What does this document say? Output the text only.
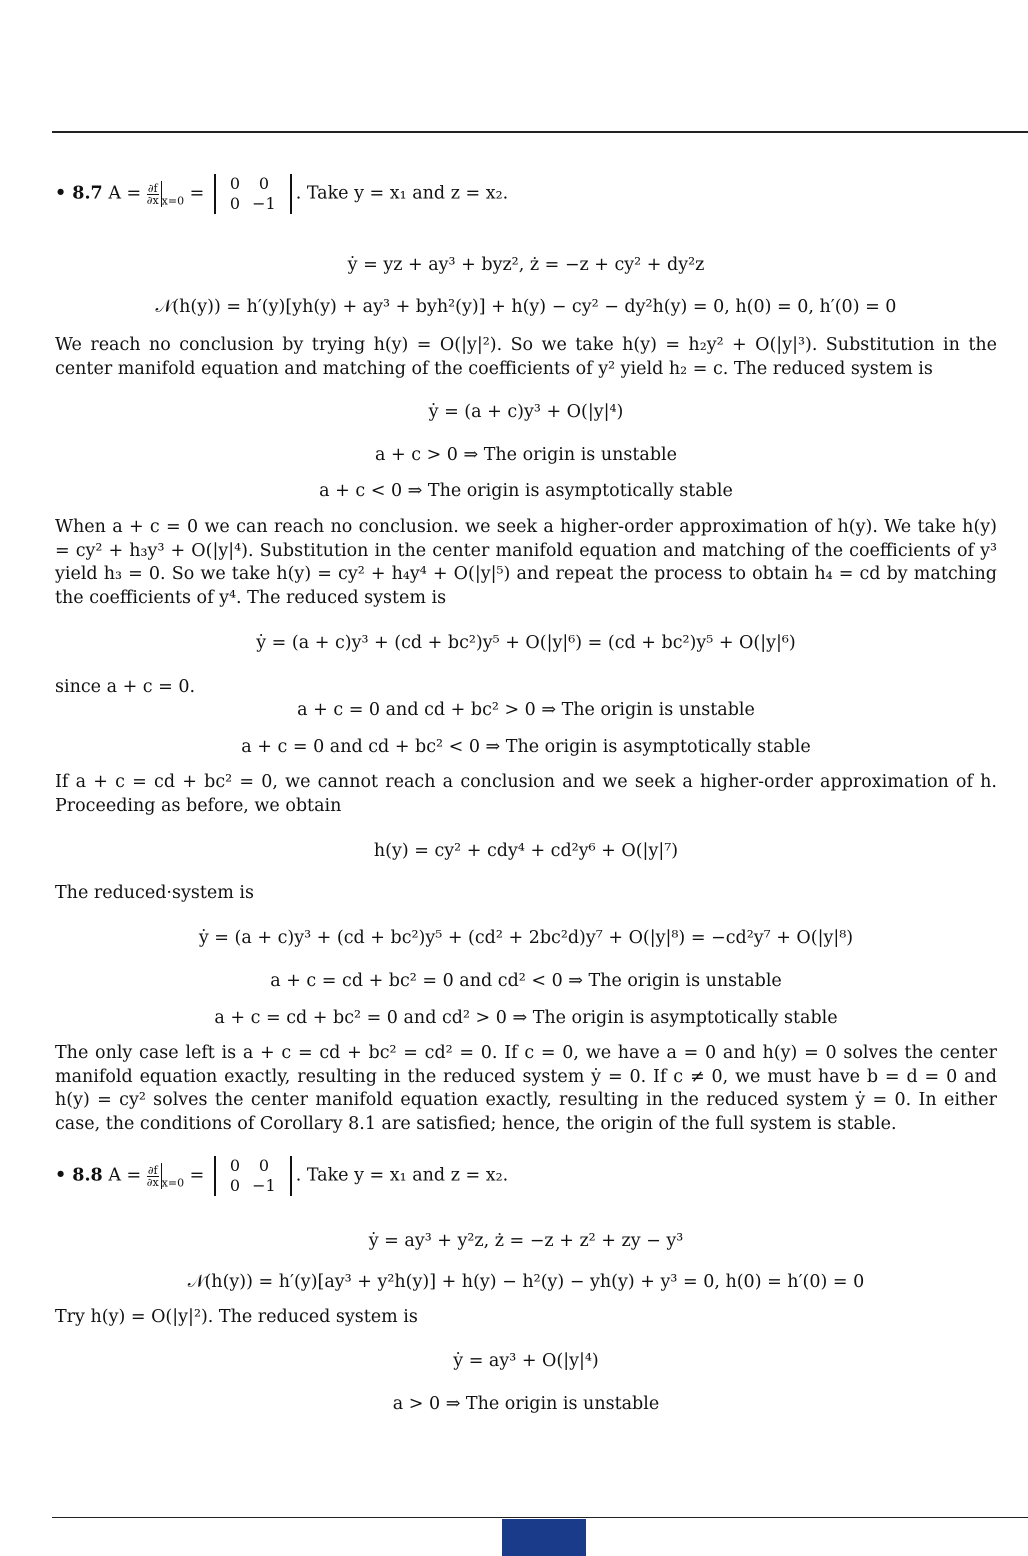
• 8.7 $A = \frac{\partial f}{\partial x} _{x=0} = 0$	0
0	−1 . Take y = x₁ and z = x₂.
ẏ = yz + ay³ + byz², ż = −z + cy² + dy²z
𝒩(h(y)) = h′(y)[yh(y) + ay³ + byh²(y)] + h(y) − cy² − dy²h(y) = 0, h(0) = 0, h′(0) = 0
We reach no conclusion by trying h(y) = O(|y|²). So we take h(y) = h₂y² + O(|y|³). Substitution in the center manifold equation and matching of the coefficients of y² yield h₂ = c. The reduced system is
ẏ = (a + c)y³ + O(|y|⁴)
a + c > 0 ⇒ The origin is unstable
a + c < 0 ⇒ The origin is asymptotically stable
When a + c = 0 we can reach no conclusion. we seek a higher-order approximation of h(y). We take h(y) = cy² + h₃y³ + O(|y|⁴). Substitution in the center manifold equation and matching of the coefficients of y³ yield h₃ = 0. So we take h(y) = cy² + h₄y⁴ + O(|y|⁵) and repeat the process to obtain h₄ = cd by matching the coefficients of y⁴. The reduced system is
ẏ = (a + c)y³ + (cd + bc²)y⁵ + O(|y|⁶) = (cd + bc²)y⁵ + O(|y|⁶)
since a + c = 0.
a + c = 0 and cd + bc² > 0 ⇒ The origin is unstable
a + c = 0 and cd + bc² < 0 ⇒ The origin is asymptotically stable
If a + c = cd + bc² = 0, we cannot reach a conclusion and we seek a higher-order approximation of h. Proceeding as before, we obtain
h(y) = cy² + cdy⁴ + cd²y⁶ + O(|y|⁷)
The reduced·system is
ẏ = (a + c)y³ + (cd + bc²)y⁵ + (cd² + 2bc²d)y⁷ + O(|y|⁸) = −cd²y⁷ + O(|y|⁸)
a + c = cd + bc² = 0 and cd² < 0 ⇒ The origin is unstable
a + c = cd + bc² = 0 and cd² > 0 ⇒ The origin is asymptotically stable
The only case left is a + c = cd + bc² = cd² = 0. If c = 0, we have a = 0 and h(y) = 0 solves the center manifold equation exactly, resulting in the reduced system ẏ = 0. If c ≠ 0, we must have b = d = 0 and h(y) = cy² solves the center manifold equation exactly, resulting in the reduced system ẏ = 0. In either case, the conditions of Corollary 8.1 are satisfied; hence, the origin of the full system is stable.
• 8.8 $A = \frac{\partial f}{\partial x} _{x=0} = 0$	0
0	−1 . Take y = x₁ and z = x₂.
ẏ = ay³ + y²z, ż = −z + z² + zy − y³
𝒩(h(y)) = h′(y)[ay³ + y²h(y)] + h(y) − h²(y) − yh(y) + y³ = 0, h(0) = h′(0) = 0
Try h(y) = O(|y|²). The reduced system is
ẏ = ay³ + O(|y|⁴)
a > 0 ⇒ The origin is unstable
